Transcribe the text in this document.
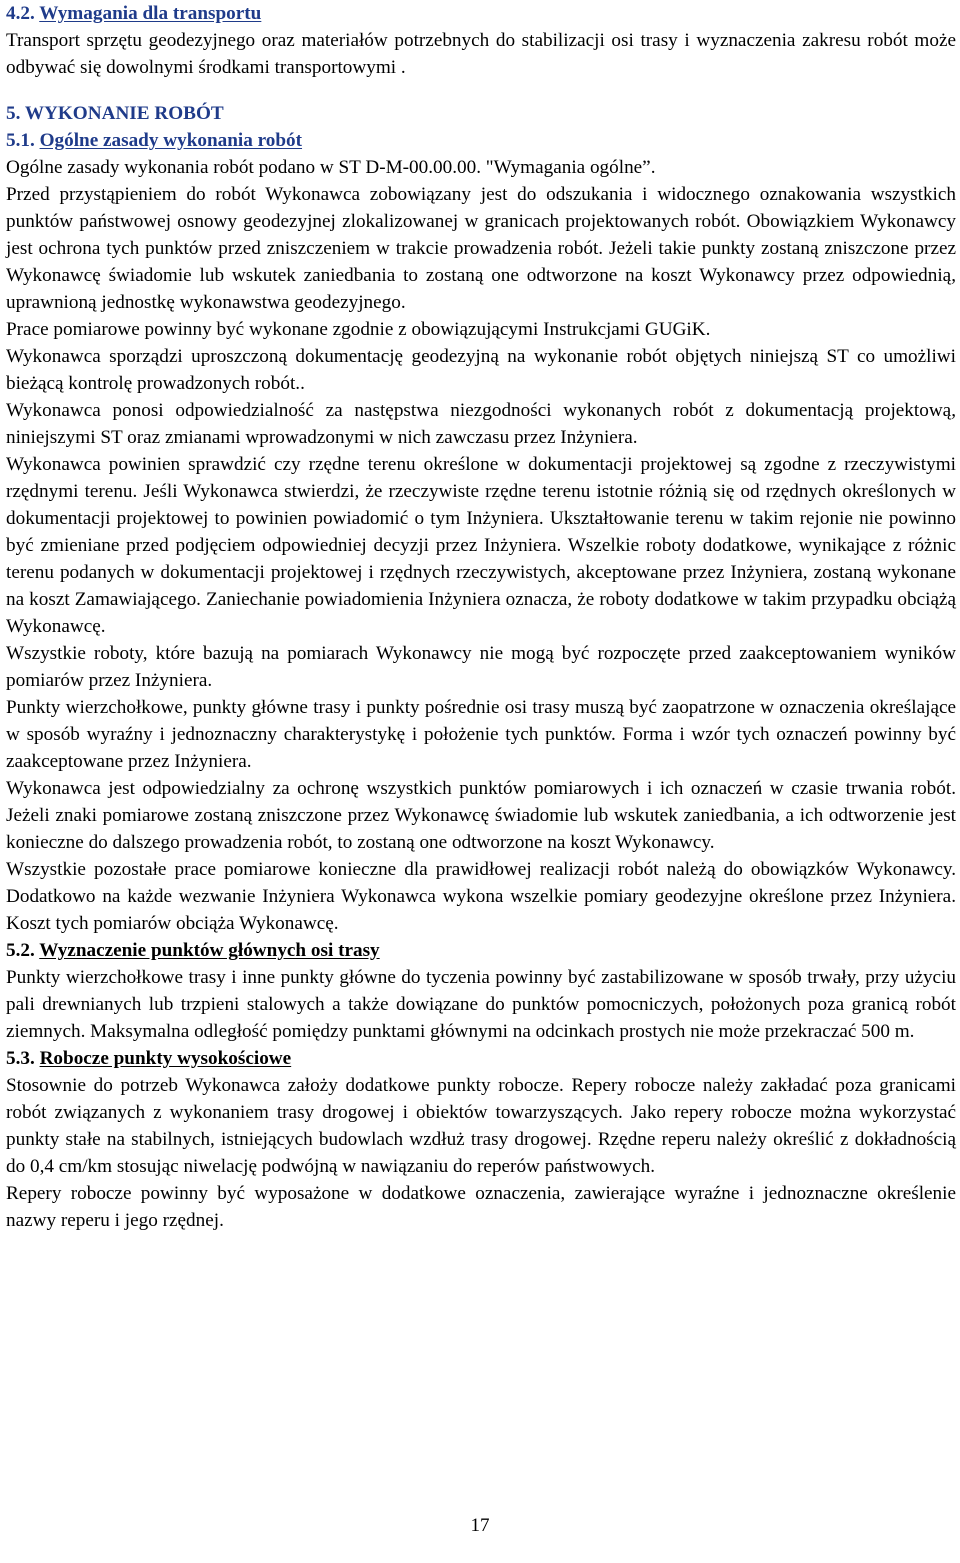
4.2. Wymagania dla transportu

Transport sprzętu geodezyjnego oraz materiałów potrzebnych do stabilizacji osi trasy i wyznaczenia zakresu robót może odbywać się dowolnymi środkami transportowymi .

5. WYKONANIE ROBÓT

5.1. Ogólne zasady wykonania robót

Ogólne zasady wykonania robót podano w ST D-M-00.00.00. "Wymagania ogólne”.

Przed przystąpieniem do robót Wykonawca zobowiązany jest do odszukania i widocznego oznakowania wszystkich punktów państwowej osnowy geodezyjnej zlokalizowanej w granicach projektowanych robót. Obowiązkiem Wykonawcy jest ochrona tych punktów przed zniszczeniem w trakcie prowadzenia robót. Jeżeli takie punkty zostaną zniszczone przez Wykonawcę świadomie lub wskutek zaniedbania to zostaną one odtworzone na koszt Wykonawcy przez odpowiednią, uprawnioną jednostkę wykonawstwa geodezyjnego.

Prace pomiarowe powinny być wykonane zgodnie z obowiązującymi Instrukcjami GUGiK.

Wykonawca sporządzi uproszczoną dokumentację geodezyjną na wykonanie robót objętych niniejszą ST co umożliwi bieżącą kontrolę prowadzonych robót..

Wykonawca ponosi odpowiedzialność za następstwa niezgodności wykonanych robót z dokumentacją projektową, niniejszymi ST oraz zmianami wprowadzonymi w nich zawczasu przez Inżyniera.

Wykonawca powinien sprawdzić czy rzędne terenu określone w dokumentacji projektowej są zgodne z rzeczywistymi rzędnymi terenu. Jeśli Wykonawca stwierdzi, że rzeczywiste rzędne terenu istotnie różnią się od rzędnych określonych w dokumentacji projektowej to powinien powiadomić o tym Inżyniera. Ukształtowanie terenu w takim rejonie nie powinno być zmieniane przed podjęciem odpowiedniej decyzji przez Inżyniera. Wszelkie roboty dodatkowe, wynikające z różnic terenu podanych w dokumentacji projektowej i rzędnych rzeczywistych, akceptowane przez Inżyniera, zostaną wykonane na koszt Zamawiającego. Zaniechanie powiadomienia Inżyniera oznacza, że roboty dodatkowe w takim przypadku obciążą Wykonawcę.

Wszystkie roboty, które bazują na pomiarach Wykonawcy nie mogą być rozpoczęte przed zaakceptowaniem wyników pomiarów przez Inżyniera.

Punkty wierzchołkowe, punkty główne trasy i punkty pośrednie osi trasy muszą być zaopatrzone w oznaczenia określające w sposób wyraźny i jednoznaczny charakterystykę i położenie tych punktów. Forma i wzór tych oznaczeń powinny być zaakceptowane przez Inżyniera.

Wykonawca jest odpowiedzialny za ochronę wszystkich punktów pomiarowych i ich oznaczeń w czasie trwania robót. Jeżeli znaki pomiarowe zostaną zniszczone przez Wykonawcę świadomie lub wskutek zaniedbania, a ich odtworzenie jest konieczne do dalszego prowadzenia robót, to zostaną one odtworzone na koszt Wykonawcy.

Wszystkie pozostałe prace pomiarowe konieczne dla prawidłowej realizacji robót należą do obowiązków Wykonawcy. Dodatkowo na każde wezwanie Inżyniera Wykonawca wykona wszelkie pomiary geodezyjne określone przez Inżyniera. Koszt tych pomiarów obciąża Wykonawcę.

5.2. Wyznaczenie punktów głównych osi trasy

Punkty wierzchołkowe trasy i inne punkty główne do tyczenia powinny być zastabilizowane w sposób trwały, przy użyciu pali drewnianych lub trzpieni stalowych a także dowiązane do punktów pomocniczych, położonych poza granicą robót ziemnych. Maksymalna odległość pomiędzy punktami głównymi na odcinkach prostych nie może przekraczać 500 m.

5.3. Robocze punkty wysokościowe

Stosownie do potrzeb Wykonawca założy dodatkowe punkty robocze. Repery robocze należy zakładać poza granicami robót związanych z wykonaniem trasy drogowej i obiektów towarzyszących. Jako repery robocze można wykorzystać punkty stałe na stabilnych, istniejących budowlach wzdłuż trasy drogowej. Rzędne reperu należy określić z dokładnością do 0,4 cm/km stosując niwelację podwójną w nawiązaniu do reperów państwowych.

Repery robocze powinny być wyposażone w dodatkowe oznaczenia, zawierające wyraźne i jednoznaczne określenie nazwy reperu i jego rzędnej.

17
